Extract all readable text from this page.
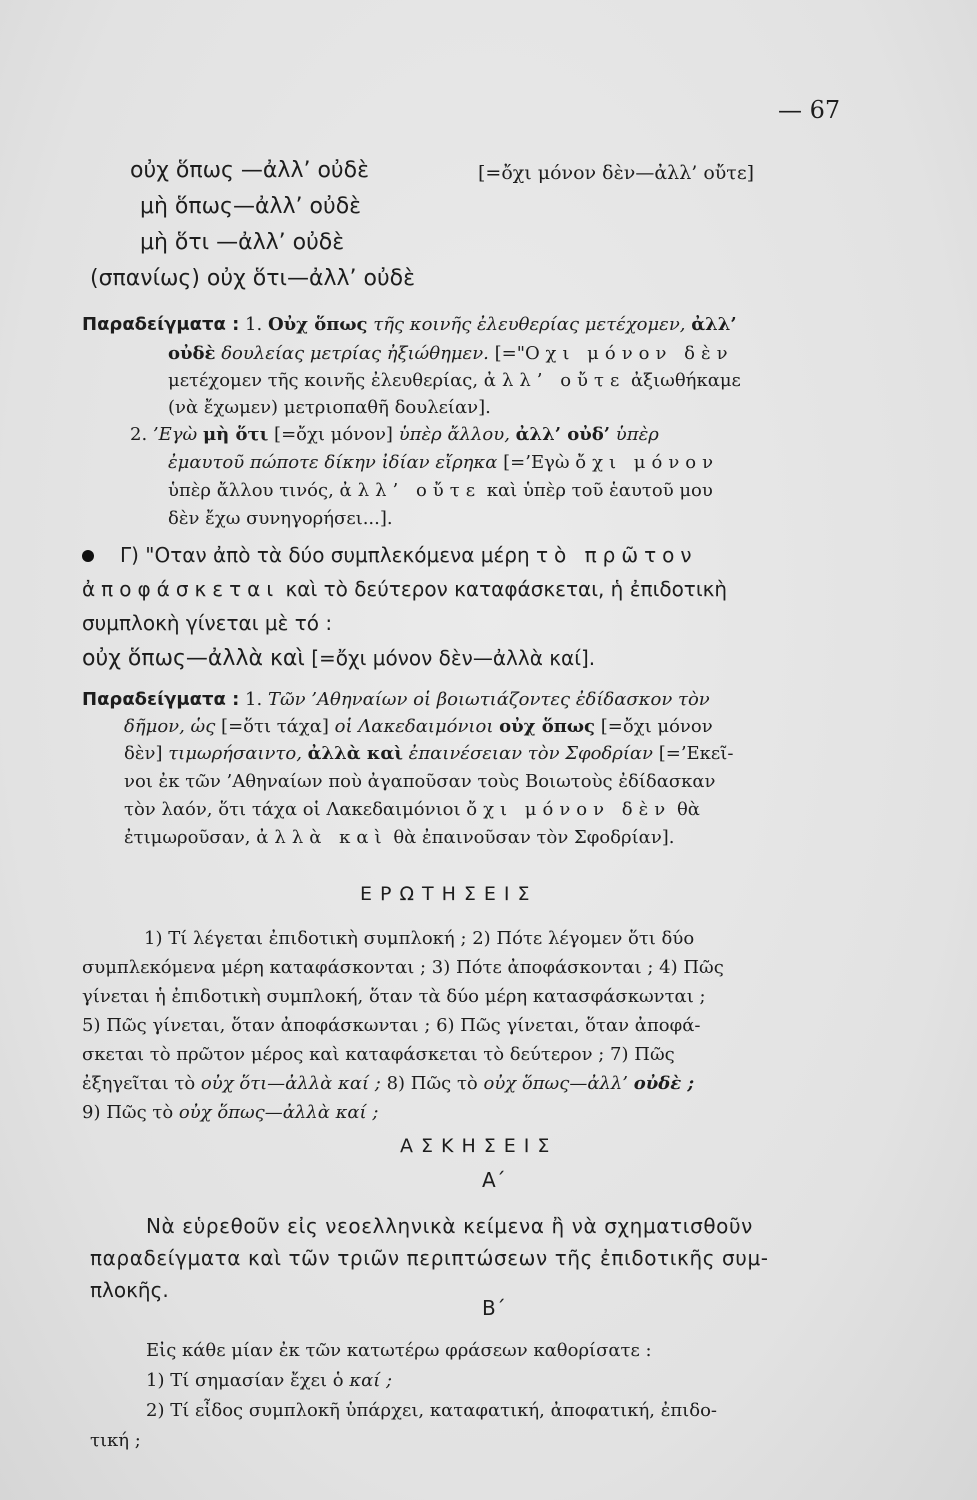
— 67
οὐχ ὅπως —ἀλλ’ οὐδὲ	[=ὄχι μόνον δὲν—ἀλλ’ οὔτε]
μὴ ὅπως—ἀλλ’ οὐδὲ
μὴ ὅτι —ἀλλ’ οὐδὲ
(σπανίως) οὐχ ὅτι—ἀλλ’ οὐδὲ
Παραδείγματα : 1. Οὐχ ὅπως τῆς κοινῆς ἐλευθερίας μετέχομεν, ἀλλ’
οὐδὲ δουλείας μετρίας ἠξιώθημεν. [="Ο χι μόνον δὲν
μετέχομεν τῆς κοινῆς ἐλευθερίας, ἀλλ’ οὔτε ἀξιωθήκαμε
(νὰ ἔχωμεν) μετριοπαθῆ δουλείαν].
2. ’Εγὼ μὴ ὅτι [=ὄχι μόνον] ὑπὲρ ἄλλου, ἀλλ’ οὐδ’ ὑπὲρ
ἐμαυτοῦ πώποτε δίκην ἰδίαν εἴρηκα [=’Εγὼ ὄχι μόνον
ὑπὲρ ἄλλου τινός, ἀλλ’ οὔτε καὶ ὑπὲρ τοῦ ἑαυτοῦ μου
δὲν ἔχω συνηγορήσει...].
Γ) "Οταν ἀπὸ τὰ δύο συμπλεκόμενα μέρη τὸ πρῶτον
ἀποφάσκεται καὶ τὸ δεύτερον καταφάσκεται, ἡ ἐπιδοτικὴ
συμπλοκὴ γίνεται μὲ τό :
οὐχ ὅπως—ἀλλὰ καὶ [=ὄχι μόνον δὲν—ἀλλὰ καί].
Παραδείγματα : 1. Τῶν ’Αθηναίων οἱ βοιωτιάζοντες ἐδίδασκον τὸν
δῆμον, ὡς [=ὅτι τάχα] οἱ Λακεδαιμόνιοι οὐχ ὅπως [=ὄχι μόνον
δὲν] τιμωρήσαιντο, ἀλλὰ καὶ ἐπαινέσειαν τὸν Σφοδρίαν [=’Εκεῖ-
νοι ἐκ τῶν ’Αθηναίων ποὺ ἀγαποῦσαν τοὺς Βοιωτοὺς ἐδίδασκαν
τὸν λαόν, ὅτι τάχα οἱ Λακεδαιμόνιοι ὄχι μόνον δὲν θὰ
ἐτιμωροῦσαν, ἀλλὰ καὶ θὰ ἐπαινοῦσαν τὸν Σφοδρίαν].
ΕΡΩΤΗΣΕΙΣ
1) Τί λέγεται ἐπιδοτικὴ συμπλοκή ; 2) Πότε λέγομεν ὅτι δύο
συμπλεκόμενα μέρη καταφάσκονται ; 3) Πότε ἀποφάσκονται ; 4) Πῶς
γίνεται ἡ ἐπιδοτικὴ συμπλοκή, ὅταν τὰ δύο μέρη κατασφάσκωνται ;
5) Πῶς γίνεται, ὅταν ἀποφάσκωνται ; 6) Πῶς γίνεται, ὅταν ἀποφά-
σκεται τὸ πρῶτον μέρος καὶ καταφάσκεται τὸ δεύτερον ; 7) Πῶς
ἐξηγεῖται τὸ οὐχ ὅτι—ἀλλὰ καί ; 8) Πῶς τὸ οὐχ ὅπως—ἀλλ’ οὐδὲ ;
9) Πῶς τὸ οὐχ ὅπως—ἀλλὰ καί ;
ΑΣΚΗΣΕΙΣ
Α΄
Νὰ εὑρεθοῦν εἰς νεοελληνικὰ κείμενα ἢ νὰ σχηματισθοῦν
παραδείγματα καὶ τῶν τριῶν περιπτώσεων τῆς ἐπιδοτικῆς συμ-
πλοκῆς.
Β΄
Εἰς κάθε μίαν ἐκ τῶν κατωτέρω φράσεων καθορίσατε :
1) Τί σημασίαν ἔχει ὁ καί ;
2) Τί εἶδος συμπλοκῆ ὑπάρχει, καταφατική, ἀποφατική, ἐπιδο-
τική ;
